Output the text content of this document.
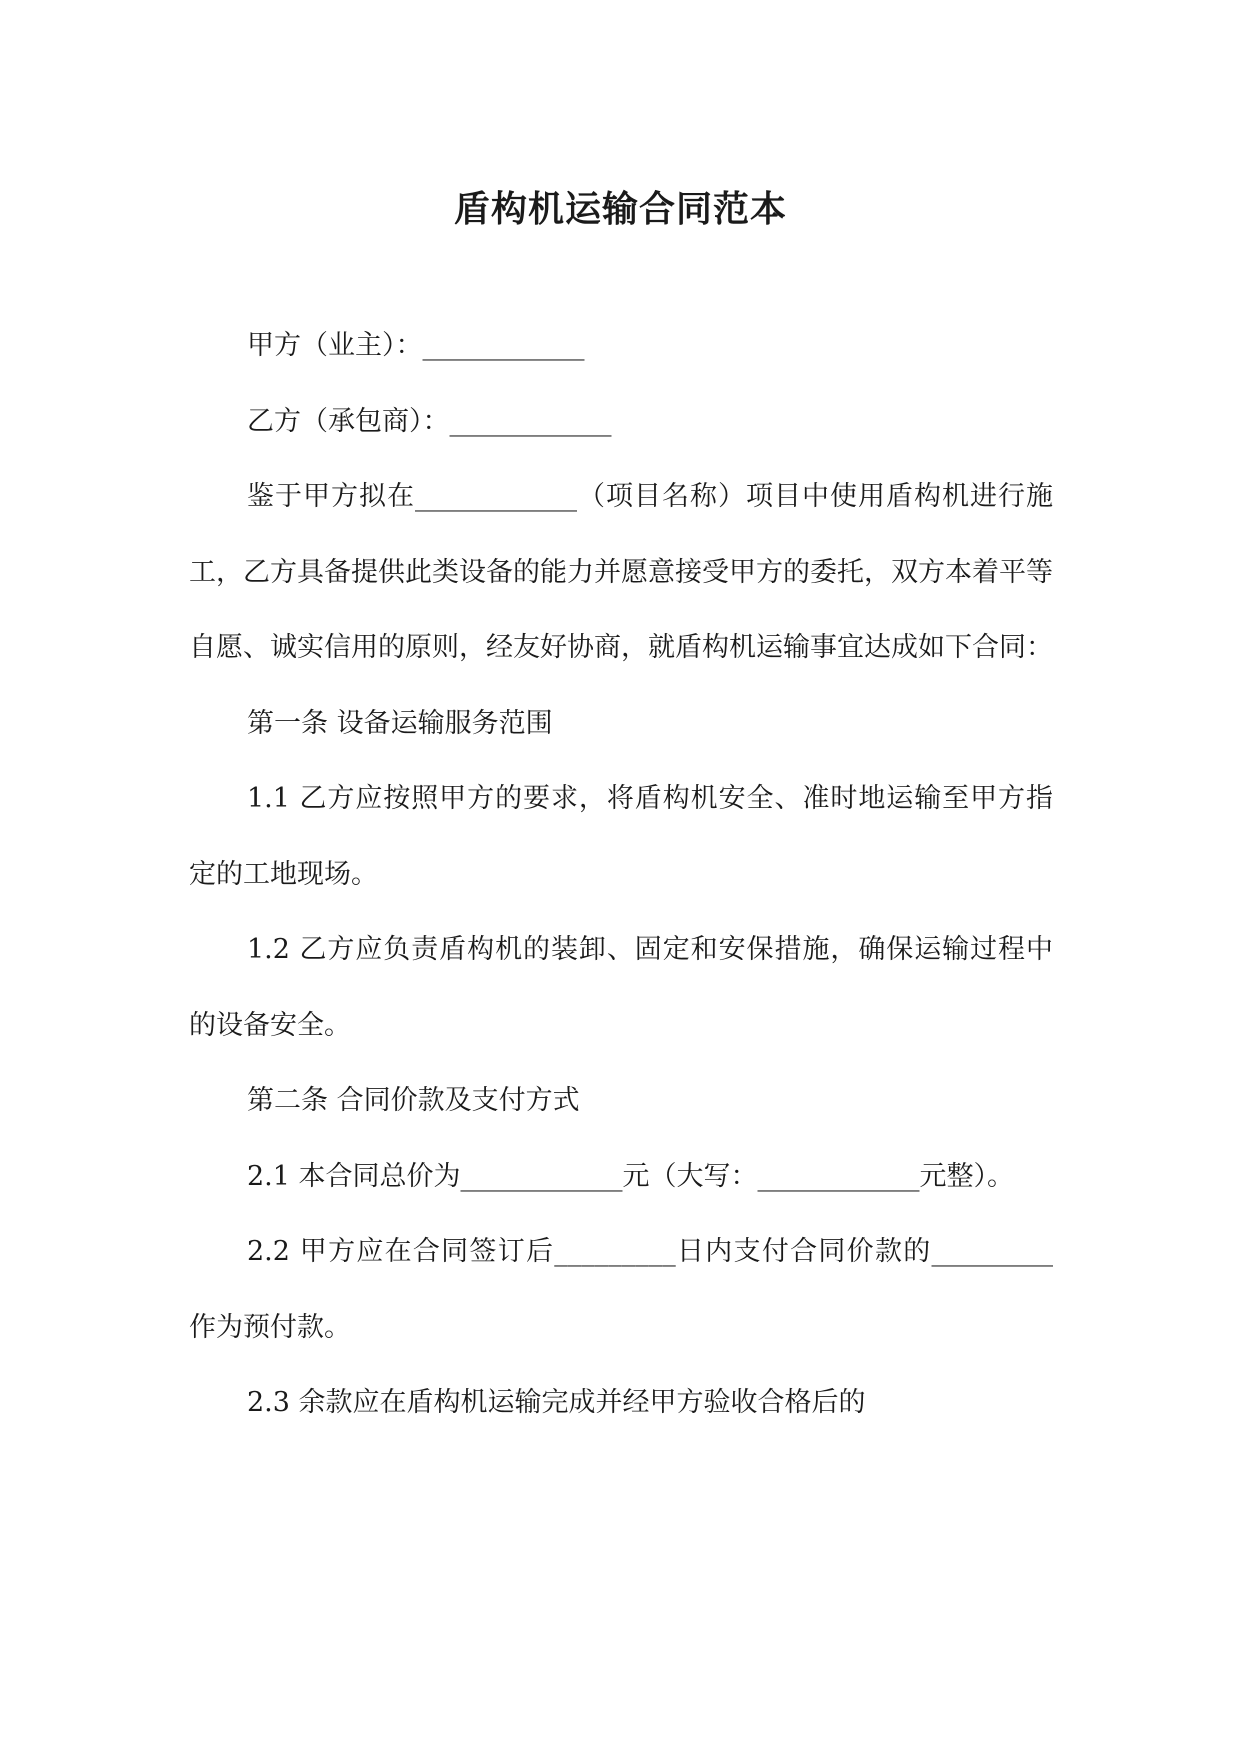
盾构机运输合同范本

甲方（业主）：____________

乙方（承包商）：____________

鉴于甲方拟在____________（项目名称）项目中使用盾构机进行施工，乙方具备提供此类设备的能力并愿意接受甲方的委托，双方本着平等自愿、诚实信用的原则，经友好协商，就盾构机运输事宜达成如下合同：

第一条 设备运输服务范围

1.1 乙方应按照甲方的要求，将盾构机安全、准时地运输至甲方指定的工地现场。

1.2 乙方应负责盾构机的装卸、固定和安保措施，确保运输过程中的设备安全。

第二条 合同价款及支付方式

2.1 本合同总价为____________元（大写：____________元整）。

2.2 甲方应在合同签订后_________日内支付合同价款的_________作为预付款。

2.3 余款应在盾构机运输完成并经甲方验收合格后的
